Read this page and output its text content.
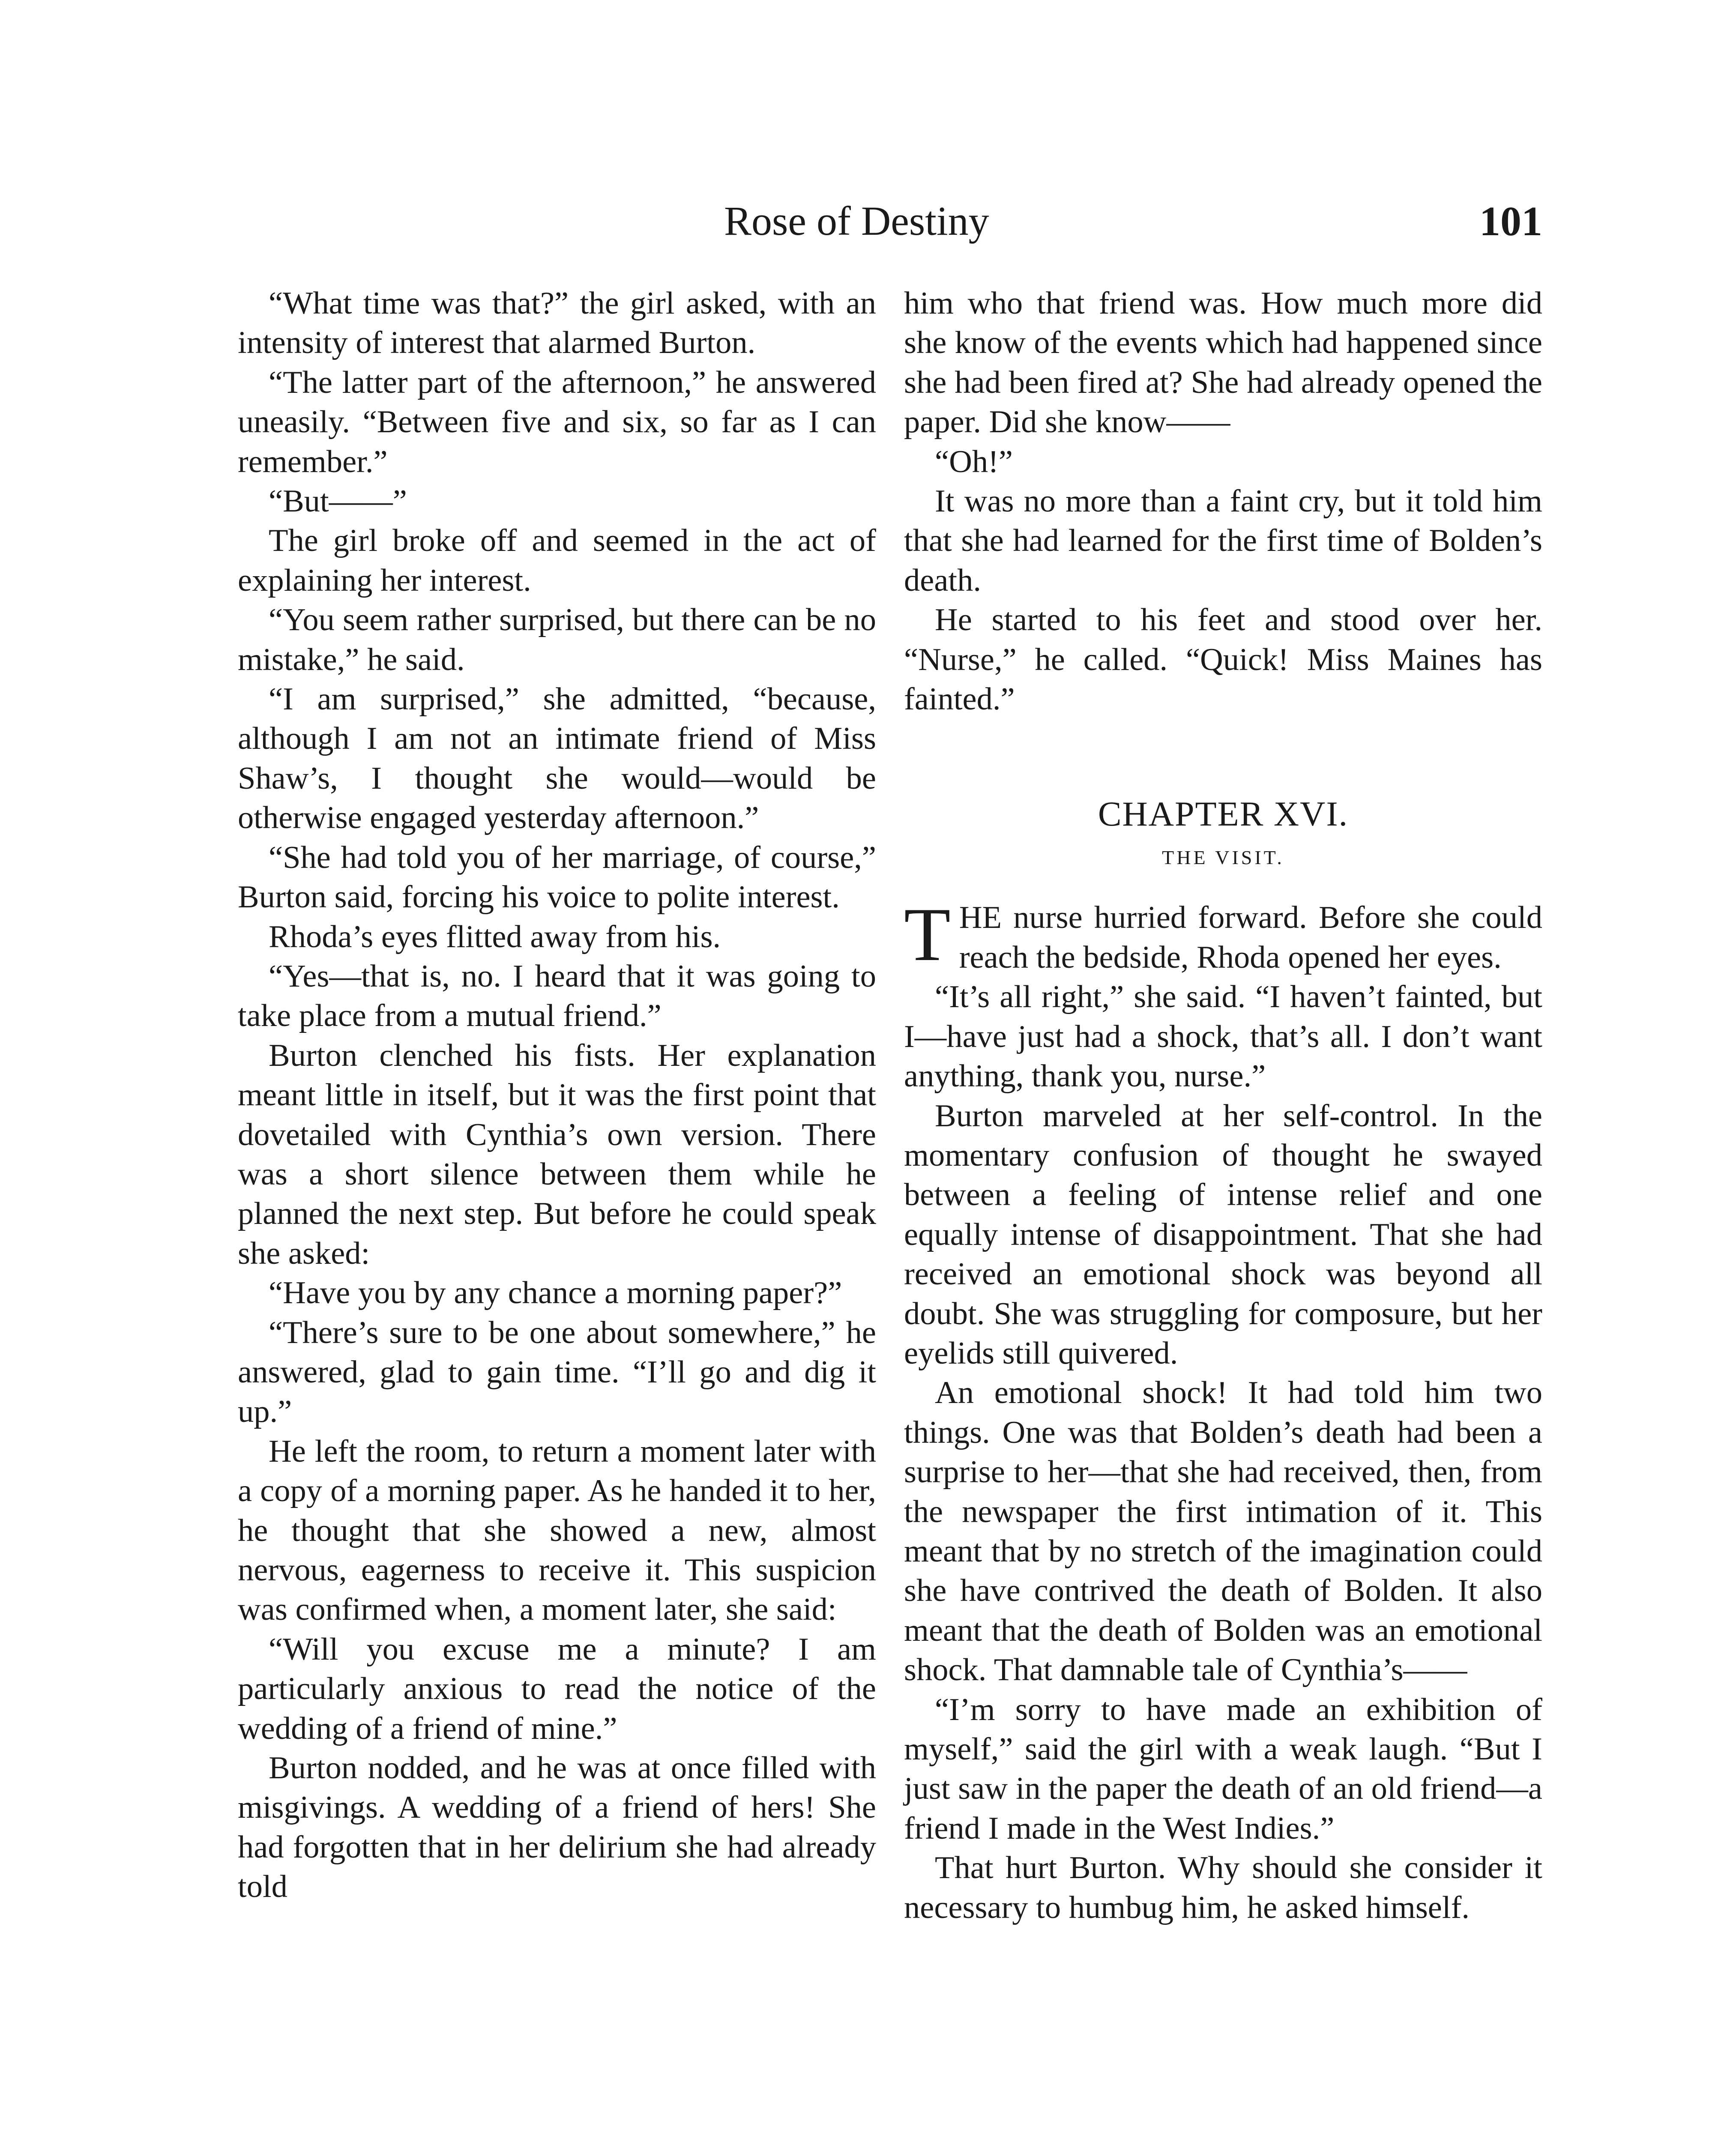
Rose of Destiny	101

“What time was that?” the girl asked, with an intensity of interest that alarmed Burton.

“The latter part of the afternoon,” he answered uneasily. “Between five and six, so far as I can remember.”

“But——”

The girl broke off and seemed in the act of explaining her interest.

“You seem rather surprised, but there can be no mistake,” he said.

“I am surprised,” she admitted, “because, although I am not an intimate friend of Miss Shaw’s, I thought she would—would be otherwise engaged yesterday afternoon.”

“She had told you of her marriage, of course,” Burton said, forcing his voice to polite interest.

Rhoda’s eyes flitted away from his.

“Yes—that is, no. I heard that it was going to take place from a mutual friend.”

Burton clenched his fists. Her explanation meant little in itself, but it was the first point that dovetailed with Cynthia’s own version. There was a short silence between them while he planned the next step. But before he could speak she asked:

“Have you by any chance a morning paper?”

“There’s sure to be one about somewhere,” he answered, glad to gain time. “I’ll go and dig it up.”

He left the room, to return a moment later with a copy of a morning paper. As he handed it to her, he thought that she showed a new, almost nervous, eagerness to receive it. This suspicion was confirmed when, a moment later, she said:

“Will you excuse me a minute? I am particularly anxious to read the notice of the wedding of a friend of mine.”

Burton nodded, and he was at once filled with misgivings. A wedding of a friend of hers! She had forgotten that in her delirium she had already told

him who that friend was. How much more did she know of the events which had happened since she had been fired at? She had already opened the paper. Did she know——

“Oh!”

It was no more than a faint cry, but it told him that she had learned for the first time of Bolden’s death.

He started to his feet and stood over her. “Nurse,” he called. “Quick! Miss Maines has fainted.”

CHAPTER XVI.
THE VISIT.

THE nurse hurried forward. Before she could reach the bedside, Rhoda opened her eyes.

“It’s all right,” she said. “I haven’t fainted, but I—have just had a shock, that’s all. I don’t want anything, thank you, nurse.”

Burton marveled at her self-control. In the momentary confusion of thought he swayed between a feeling of intense relief and one equally intense of disappointment. That she had received an emotional shock was beyond all doubt. She was struggling for composure, but her eyelids still quivered.

An emotional shock! It had told him two things. One was that Bolden’s death had been a surprise to her—that she had received, then, from the newspaper the first intimation of it. This meant that by no stretch of the imagination could she have contrived the death of Bolden. It also meant that the death of Bolden was an emotional shock. That damnable tale of Cynthia’s——

“I’m sorry to have made an exhibition of myself,” said the girl with a weak laugh. “But I just saw in the paper the death of an old friend—a friend I made in the West Indies.”

That hurt Burton. Why should she consider it necessary to humbug him, he asked himself.
